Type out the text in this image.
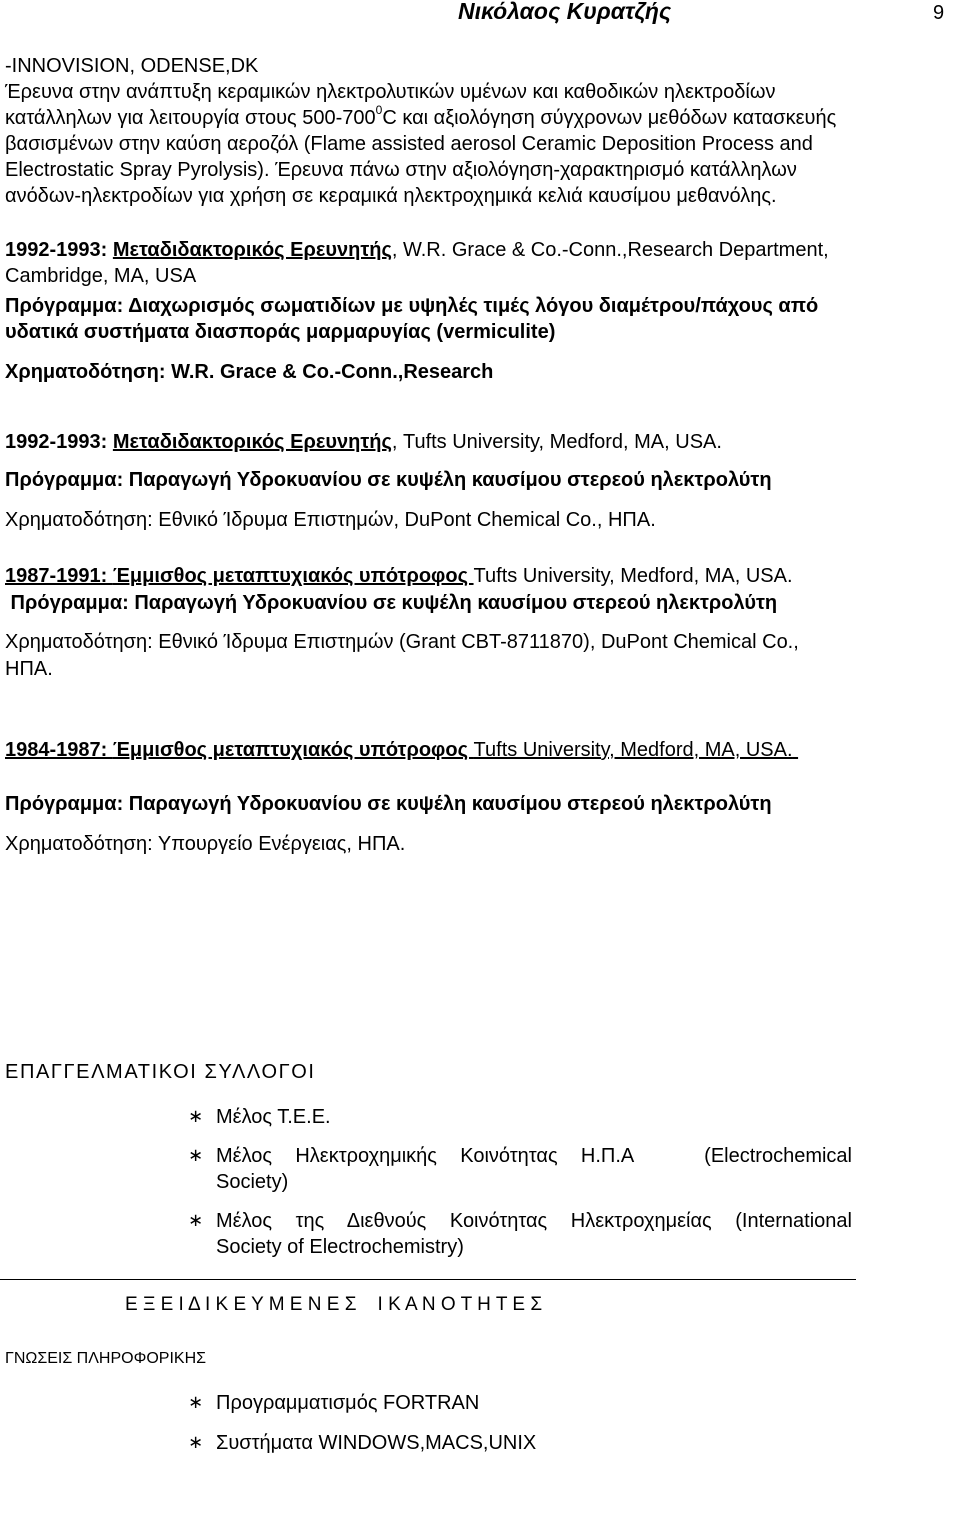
Νικόλαος Κυρατζής	9
-INNOVISION, ODENSE,DK
Έρευνα στην ανάπτυξη κεραμικών ηλεκτρολυτικών υμένων και καθοδικών ηλεκτροδίων
κατάλληλων για λειτουργία στους $500-700^0C$ και αξιολόγηση σύγχρονων μεθόδων κατασκευής
βασισμένων στην καύση αεροζόλ (Flame assisted aerosol Ceramic Deposition Process and
Electrostatic Spray Pyrolysis). Έρευνα πάνω στην αξιολόγηση-χαρακτηρισμό κατάλληλων
ανόδων-ηλεκτροδίων για χρήση σε κεραμικά ηλεκτροχημικά κελιά καυσίμου μεθανόλης.
1992-1993: Μεταδιδακτορικός Ερευνητής, W.R. Grace & Co.-Conn.,Research Department,
Cambridge, MA, USA
Πρόγραμμα: Διαχωρισμός σωματιδίων με υψηλές τιμές λόγου διαμέτρου/πάχους από
υδατικά συστήματα διασποράς μαρμαρυγίας (vermiculite)
Χρηματοδότηση: W.R. Grace & Co.-Conn.,Research
1992-1993: Μεταδιδακτορικός Ερευνητής, Tufts University, Medford, MA, USA.
Πρόγραμμα: Παραγωγή Υδροκυανίου σε κυψέλη καυσίμου στερεού ηλεκτρολύτη
Χρηματοδότηση: Εθνικό Ίδρυμα Επιστημών, DuPont Chemical Co., ΗΠΑ.
1987-1991: Έμμισθος μεταπτυχιακός υπότροφος Tufts University, Medford, MA, USA.
Πρόγραμμα: Παραγωγή Υδροκυανίου σε κυψέλη καυσίμου στερεού ηλεκτρολύτη
Χρηματοδότηση: Εθνικό Ίδρυμα Επιστημών (Grant CBT-8711870), DuPont Chemical Co.,
ΗΠΑ.
1984-1987: Έμμισθος μεταπτυχιακός υπότροφος Tufts University, Medford, MA, USA.
Πρόγραμμα: Παραγωγή Υδροκυανίου σε κυψέλη καυσίμου στερεού ηλεκτρολύτη
Χρηματοδότηση: Υπουργείο Ενέργειας, ΗΠΑ.
ΕΠΑΓΓΕΛΜΑΤΙΚΟΙ ΣΥΛΛΟΓΟΙ
∗ Μέλος Τ.Ε.Ε.
∗ Μέλος  Ηλεκτροχημικής  Κοινότητας  Η.Π.Α      (Electrochemical
Society)
∗ Μέλος  της  Διεθνούς  Κοινότητας  Ηλεκτροχημείας  (International
Society of Electrochemistry)
Ε Ξ Ε Ι Δ Ι Κ Ε Υ Μ Ε Ν Ε Σ    Ι Κ Α Ν Ο Τ Η Τ Ε Σ
ΓΝΩΣΕΙΣ ΠΛΗΡΟΦΟΡΙΚΗΣ
∗ Προγραμματισμός FORTRAN
∗ Συστήματα WINDOWS,MACS,UNIX
